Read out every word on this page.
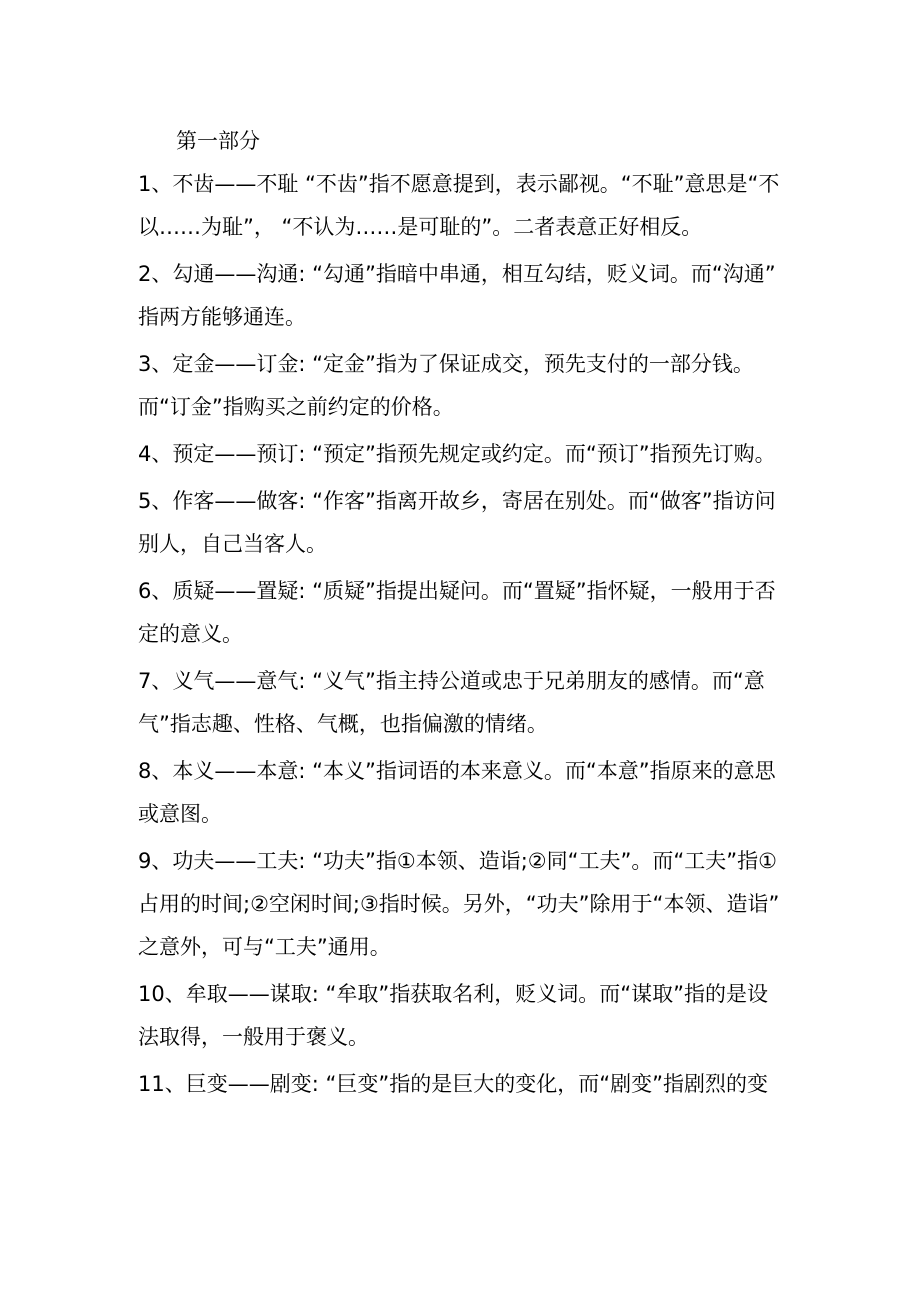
第一部分
1、不齿——不耻 “不齿”指不愿意提到，表示鄙视。“不耻”意思是“不
以……为耻”， “不认为……是可耻的”。二者表意正好相反。
2、勾通——沟通: “勾通”指暗中串通，相互勾结，贬义词。而“沟通”
指两方能够通连。
3、定金——订金: “定金”指为了保证成交，预先支付的一部分钱。
而“订金”指购买之前约定的价格。
4、预定——预订: “预定”指预先规定或约定。而“预订”指预先订购。
5、作客——做客: “作客”指离开故乡，寄居在别处。而“做客”指访问
别人，自己当客人。
6、质疑——置疑: “质疑”指提出疑问。而“置疑”指怀疑，一般用于否
定的意义。
7、义气——意气: “义气”指主持公道或忠于兄弟朋友的感情。而“意
气”指志趣、性格、气概，也指偏激的情绪。
8、本义——本意: “本义”指词语的本来意义。而“本意”指原来的意思
或意图。
9、功夫——工夫: “功夫”指①本领、造诣;②同“工夫”。而“工夫”指①
占用的时间;②空闲时间;③指时候。另外，“功夫”除用于“本领、造诣”
之意外，可与“工夫”通用。
10、牟取——谋取: “牟取”指获取名利，贬义词。而“谋取”指的是设
法取得，一般用于褒义。
11、巨变——剧变: “巨变”指的是巨大的变化，而“剧变”指剧烈的变
